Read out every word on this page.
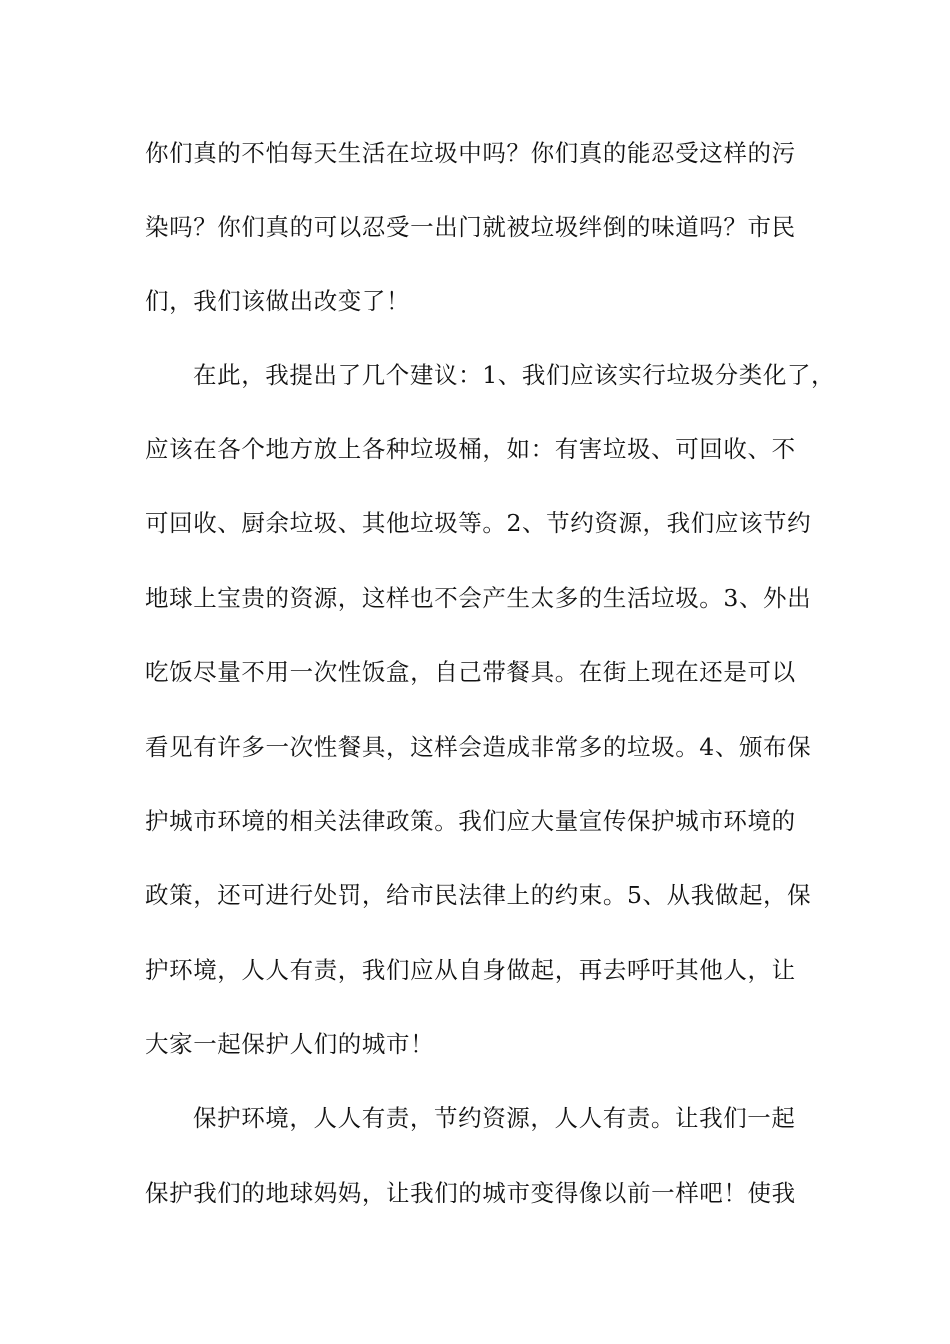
你们真的不怕每天生活在垃圾中吗？你们真的能忍受这样的污
染吗？你们真的可以忍受一出门就被垃圾绊倒的味道吗？市民
们，我们该做出改变了！
在此，我提出了几个建议：1、我们应该实行垃圾分类化了，
应该在各个地方放上各种垃圾桶，如：有害垃圾、可回收、不
可回收、厨余垃圾、其他垃圾等。2、节约资源，我们应该节约
地球上宝贵的资源，这样也不会产生太多的生活垃圾。3、外出
吃饭尽量不用一次性饭盒，自己带餐具。在街上现在还是可以
看见有许多一次性餐具，这样会造成非常多的垃圾。4、颁布保
护城市环境的相关法律政策。我们应大量宣传保护城市环境的
政策，还可进行处罚，给市民法律上的约束。5、从我做起，保
护环境，人人有责，我们应从自身做起，再去呼吁其他人，让
大家一起保护人们的城市！
保护环境，人人有责，节约资源，人人有责。让我们一起
保护我们的地球妈妈，让我们的城市变得像以前一样吧！使我
